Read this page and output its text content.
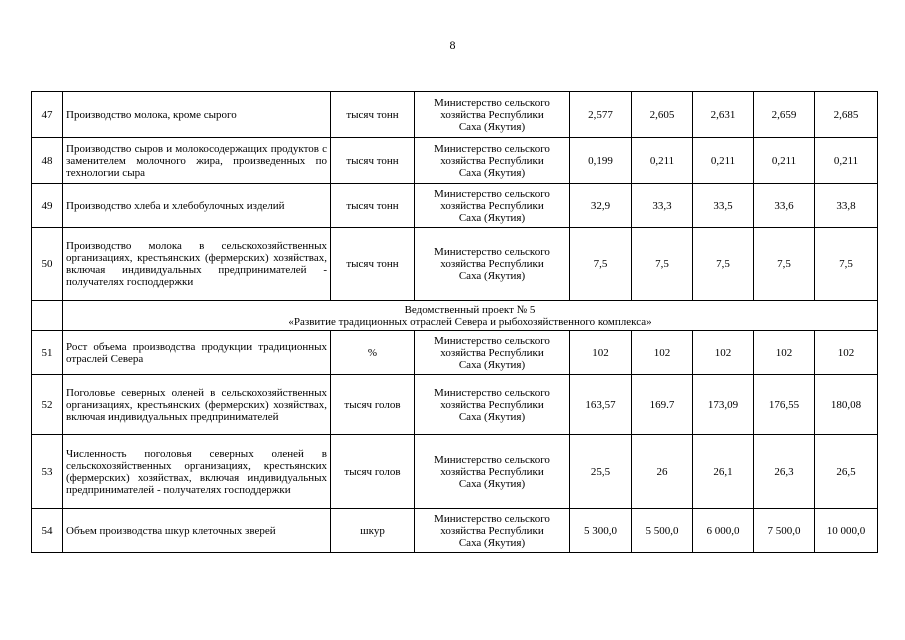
8
47	Производство молока, кроме сырого	тысяч тонн	Министерство сельского
хозяйства Республики
Саха (Якутия)	2,577	2,605	2,631	2,659	2,685
48	Производство сыров и молокосодержащих продуктов с заменителем молочного жира, произведенных по технологии сыра	тысяч тонн	Министерство сельского
хозяйства Республики
Саха (Якутия)	0,199	0,211	0,211	0,211	0,211
49	Производство хлеба и хлебобулочных изделий	тысяч тонн	Министерство сельского
хозяйства Республики
Саха (Якутия)	32,9	33,3	33,5	33,6	33,8
50	Производство молока в сельскохозяйственных организациях, крестьянских (фермерских) хозяйствах, включая индивидуальных предпринимателей - получателях господдержки	тысяч тонн	Министерство сельского
хозяйства Республики
Саха (Якутия)	7,5	7,5	7,5	7,5	7,5
	Ведомственный проект № 5
«Развитие традиционных отраслей Севера и рыбохозяйственного комплекса»							
51	Рост объема производства продукции традиционных отраслей Севера	%	Министерство сельского
хозяйства Республики
Саха (Якутия)	102	102	102	102	102
52	Поголовье северных оленей в сельскохозяйственных организациях, крестьянских (фермерских) хозяйствах, включая индивидуальных предпринимателей	тысяч голов	Министерство сельского
хозяйства Республики
Саха (Якутия)	163,57	169.7	173,09	176,55	180,08
53	Численность поголовья северных оленей в сельскохозяйственных организациях, крестьянских (фермерских) хозяйствах, включая индивидуальных предпринимателей - получателях господдержки	тысяч голов	Министерство сельского
хозяйства Республики
Саха (Якутия)	25,5	26	26,1	26,3	26,5
54	Объем производства шкур клеточных зверей	шкур	Министерство сельского
хозяйства Республики
Саха (Якутия)	5 300,0	5 500,0	6 000,0	7 500,0	10 000,0
